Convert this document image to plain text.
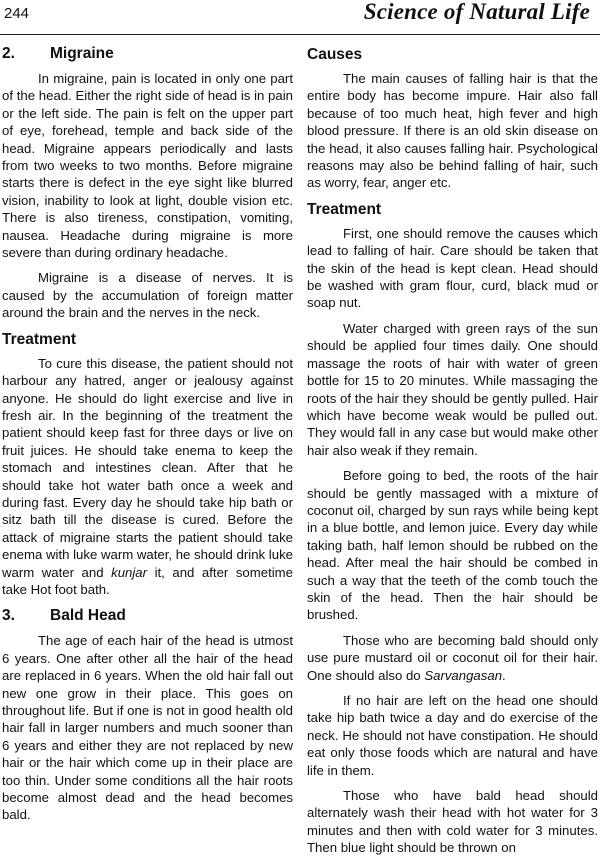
244	Science of Natural Life
2.	Migraine

In migraine, pain is located in only one part of the head. Either the right side of head is in pain or the left side. The pain is felt on the upper part of eye, forehead, temple and back side of the head. Migraine appears periodically and lasts from two weeks to two months. Before migraine starts there is defect in the eye sight like blurred vision, inability to look at light, double vision etc. There is also tireness, constipation, vomiting, nausea. Headache during migraine is more severe than during ordinary headache.

Migraine is a disease of nerves. It is caused by the accumulation of foreign matter around the brain and the nerves in the neck.

Treatment

To cure this disease, the patient should not harbour any hatred, anger or jealousy against anyone. He should do light exercise and live in fresh air. In the beginning of the treatment the patient should keep fast for three days or live on fruit juices. He should take enema to keep the stomach and intestines clean. After that he should take hot water bath once a week and during fast. Every day he should take hip bath or sitz bath till the disease is cured. Before the attack of migraine starts the patient should take enema with luke warm water, he should drink luke warm water and kunjar it, and after sometime take Hot foot bath.

3.	Bald Head

The age of each hair of the head is utmost 6 years. One after other all the hair of the head are replaced in 6 years. When the old hair fall out new one grow in their place. This goes on throughout life. But if one is not in good health old hair fall in larger numbers and much sooner than 6 years and either they are not replaced by new hair or the hair which come up in their place are too thin. Under some conditions all the hair roots become almost dead and the head becomes bald.

Causes

The main causes of falling hair is that the entire body has become impure. Hair also fall because of too much heat, high fever and high blood pressure. If there is an old skin disease on the head, it also causes falling hair. Psychological reasons may also be behind falling of hair, such as worry, fear, anger etc.

Treatment

First, one should remove the causes which lead to falling of hair. Care should be taken that the skin of the head is kept clean. Head should be washed with gram flour, curd, black mud or soap nut.

Water charged with green rays of the sun should be applied four times daily. One should massage the roots of hair with water of green bottle for 15 to 20 minutes. While massaging the roots of the hair they should be gently pulled. Hair which have become weak would be pulled out. They would fall in any case but would make other hair also weak if they remain.

Before going to bed, the roots of the hair should be gently massaged with a mixture of coconut oil, charged by sun rays while being kept in a blue bottle, and lemon juice. Every day while taking bath, half lemon should be rubbed on the head. After meal the hair should be combed in such a way that the teeth of the comb touch the skin of the head. Then the hair should be brushed.

Those who are becoming bald should only use pure mustard oil or coconut oil for their hair. One should also do Sarvangasan.

If no hair are left on the head one should take hip bath twice a day and do exercise of the neck. He should not have constipation. He should eat only those foods which are natural and have life in them.

Those who have bald head should alternately wash their head with hot water for 3 minutes and then with cold water for 3 minutes. Then blue light should be thrown on
